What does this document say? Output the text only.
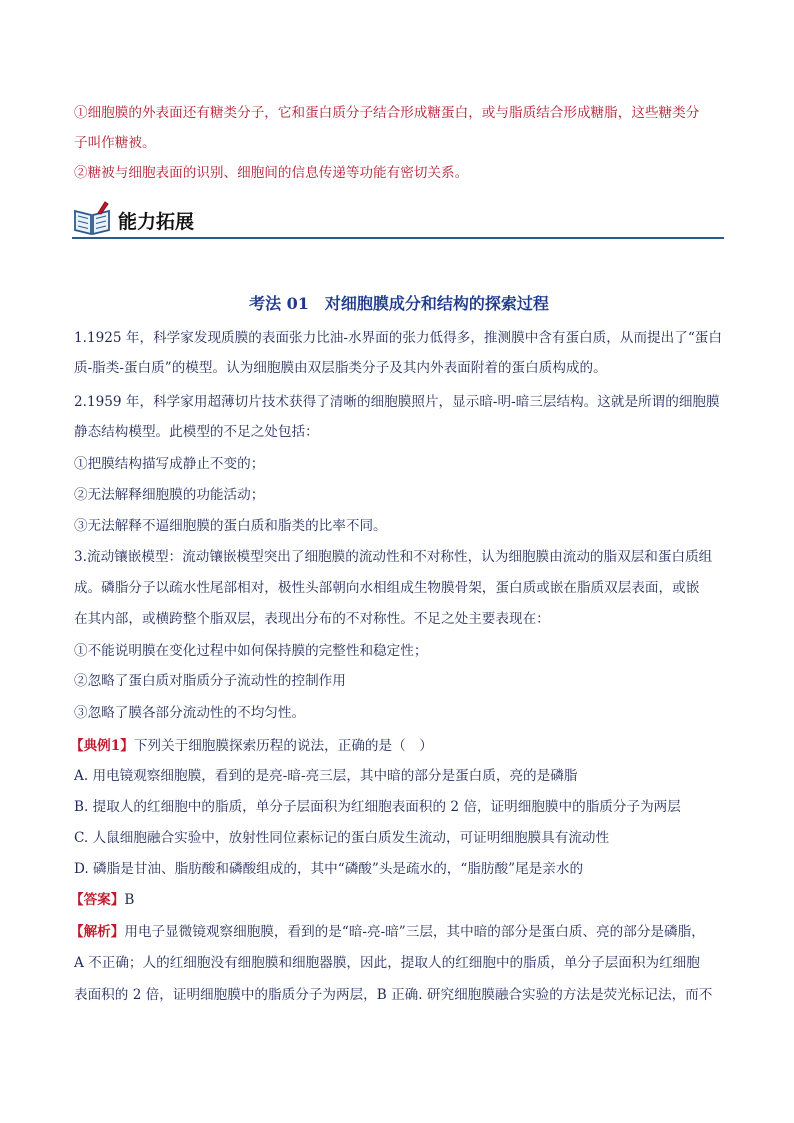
①细胞膜的外表面还有糖类分子，它和蛋白质分子结合形成糖蛋白，或与脂质结合形成糖脂，这些糖类分
子叫作糖被。
②糖被与细胞表面的识别、细胞间的信息传递等功能有密切关系。
能力拓展
考法 01　对细胞膜成分和结构的探索过程
1.1925 年，科学家发现质膜的表面张力比油-水界面的张力低得多，推测膜中含有蛋白质，从而提出了“蛋白
质-脂类-蛋白质”的模型。认为细胞膜由双层脂类分子及其内外表面附着的蛋白质构成的。
2.1959 年，科学家用超薄切片技术获得了清晰的细胞膜照片，显示暗-明-暗三层结构。这就是所谓的细胞膜
静态结构模型。此模型的不足之处包括：
①把膜结构描写成静止不变的；
②无法解释细胞膜的功能活动；
③无法解释不逼细胞膜的蛋白质和脂类的比率不同。
3.流动镶嵌模型：流动镶嵌模型突出了细胞膜的流动性和不对称性，认为细胞膜由流动的脂双层和蛋白质组
成。磷脂分子以疏水性尾部相对，极性头部朝向水相组成生物膜骨架，蛋白质或嵌在脂质双层表面，或嵌
在其内部，或横跨整个脂双层，表现出分布的不对称性。不足之处主要表现在：
①不能说明膜在变化过程中如何保持膜的完整性和稳定性；
②忽略了蛋白质对脂质分子流动性的控制作用
③忽略了膜各部分流动性的不均匀性。
【典例1】下列关于细胞膜探索历程的说法，正确的是（　）
A. 用电镜观察细胞膜，看到的是亮-暗-亮三层，其中暗的部分是蛋白质，亮的是磷脂
B. 提取人的红细胞中的脂质，单分子层面积为红细胞表面积的 2 倍，证明细胞膜中的脂质分子为两层
C. 人鼠细胞融合实验中，放射性同位素标记的蛋白质发生流动，可证明细胞膜具有流动性
D. 磷脂是甘油、脂肪酸和磷酸组成的，其中“磷酸”头是疏水的，“脂肪酸”尾是亲水的
【答案】B
【解析】用电子显微镜观察细胞膜，看到的是“暗-亮-暗”三层，其中暗的部分是蛋白质、亮的部分是磷脂，
A 不正确；人的红细胞没有细胞膜和细胞器膜，因此，提取人的红细胞中的脂质，单分子层面积为红细胞
表面积的 2 倍，证明细胞膜中的脂质分子为两层，B 正确. 研究细胞膜融合实验的方法是荧光标记法，而不
